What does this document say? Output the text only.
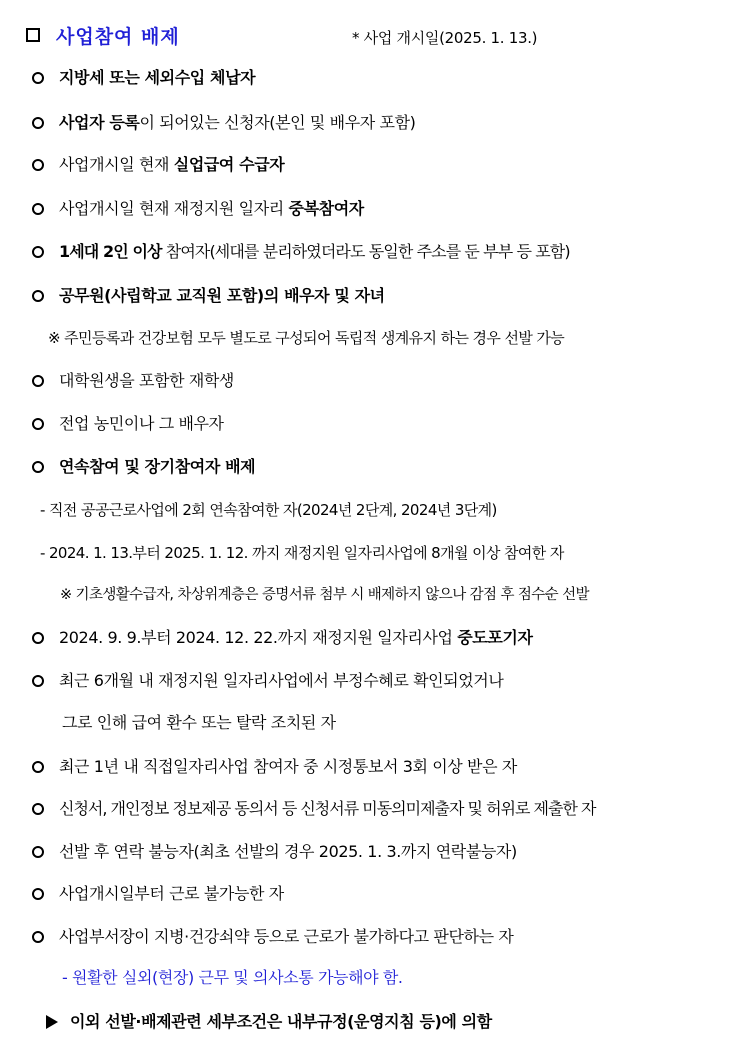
사업참여 배제	* 사업 개시일(2025. 1. 13.)
지방세 또는 세외수입 체납자
사업자 등록이 되어있는 신청자(본인 및 배우자 포함)
사업개시일 현재 실업급여 수급자
사업개시일 현재 재정지원 일자리 중복참여자
1세대 2인 이상 참여자(세대를 분리하였더라도 동일한 주소를 둔 부부 등 포함)
공무원(사립학교 교직원 포함)의 배우자 및 자녀
※ 주민등록과 건강보험 모두 별도로 구성되어 독립적 생계유지 하는 경우 선발 가능
대학원생을 포함한 재학생
전업 농민이나 그 배우자
연속참여 및 장기참여자 배제
- 직전 공공근로사업에 2회 연속참여한 자(2024년 2단계, 2024년 3단계)
- 2024. 1. 13.부터 2025. 1. 12. 까지 재정지원 일자리사업에 8개월 이상 참여한 자
※ 기초생활수급자, 차상위계층은 증명서류 첨부 시 배제하지 않으나 감점 후 점수순 선발
2024. 9. 9.부터 2024. 12. 22.까지 재정지원 일자리사업 중도포기자
최근 6개월 내 재정지원 일자리사업에서 부정수혜로 확인되었거나
그로 인해 급여 환수 또는 탈락 조치된 자
최근 1년 내 직접일자리사업 참여자 중 시정통보서 3회 이상 받은 자
신청서, 개인정보 정보제공 동의서 등 신청서류 미동의미제출자 및 허위로 제출한 자
선발 후 연락 불능자(최초 선발의 경우 2025. 1. 3.까지 연락불능자)
사업개시일부터 근로 불가능한 자
사업부서장이 지병·건강쇠약 등으로 근로가 불가하다고 판단하는 자
- 원활한 실외(현장) 근무 및 의사소통 가능해야 함.
이외 선발·배제관련 세부조건은 내부규정(운영지침 등)에 의함
